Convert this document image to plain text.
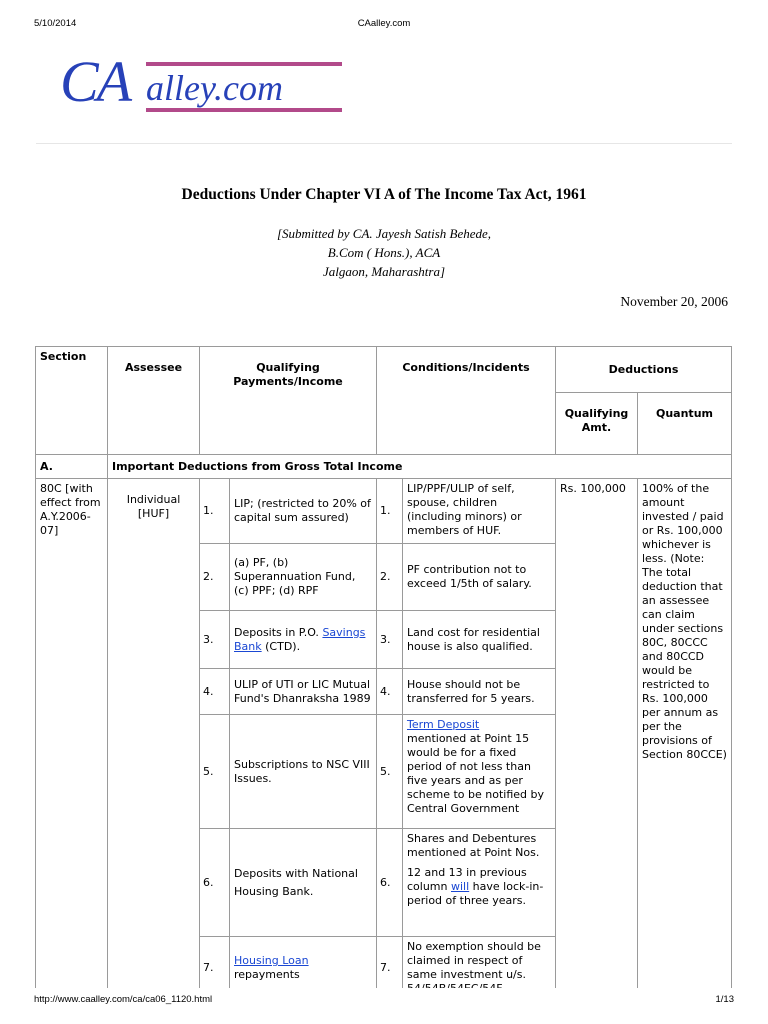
5/10/2014	CAalley.com
CA alley.com
Deductions Under Chapter VI A of The Income Tax Act, 1961
[Submitted by CA. Jayesh Satish Behede,
B.Com ( Hons.), ACA
Jalgaon, Maharashtra]
November 20, 2006
Section	Assessee	Qualifying Payments/Income		Conditions/Incidents		Deductions	
						Qualifying Amt.	Quantum
A.	Important Deductions from Gross Total Income						
80C [with effect from A.Y.2006-07]	Individual [HUF]	1.	LIP; (restricted to 20% of capital sum assured)	1.	LIP/PPF/ULIP of self, spouse, children (including minors) or members of HUF.	Rs. 100,000	100% of the amount invested / paid or Rs. 100,000 whichever is less. (Note: The total deduction that an assessee can claim under sections 80C, 80CCC and 80CCD would be restricted to Rs. 100,000 per annum as per the provisions of Section 80CCE)
		2.	(a) PF, (b) Superannuation Fund, (c) PPF; (d) RPF	2.	PF contribution not to exceed 1/5th of salary.		
		3.	Deposits in P.O. Savings Bank (CTD).	3.	Land cost for residential house is also qualified.		
		4.	ULIP of UTI or LIC Mutual Fund's Dhanraksha 1989	4.	House should not be transferred for 5 years.		
		5.	Subscriptions to NSC VIII Issues.	5.	Term Deposit
mentioned at Point 15 would be for a fixed period of not less than five years and as per scheme to be notified by Central Government		
		6.	Deposits with National Housing Bank.	6.	Shares and Debentures mentioned at Point Nos.
12 and 13 in previous column will have lock-in-period of three years.		
		7.	Housing Loan
repayments	7.	No exemption should be claimed in respect of same investment u/s.		
http://www.caalley.com/ca/ca06_1120.html	1/13
